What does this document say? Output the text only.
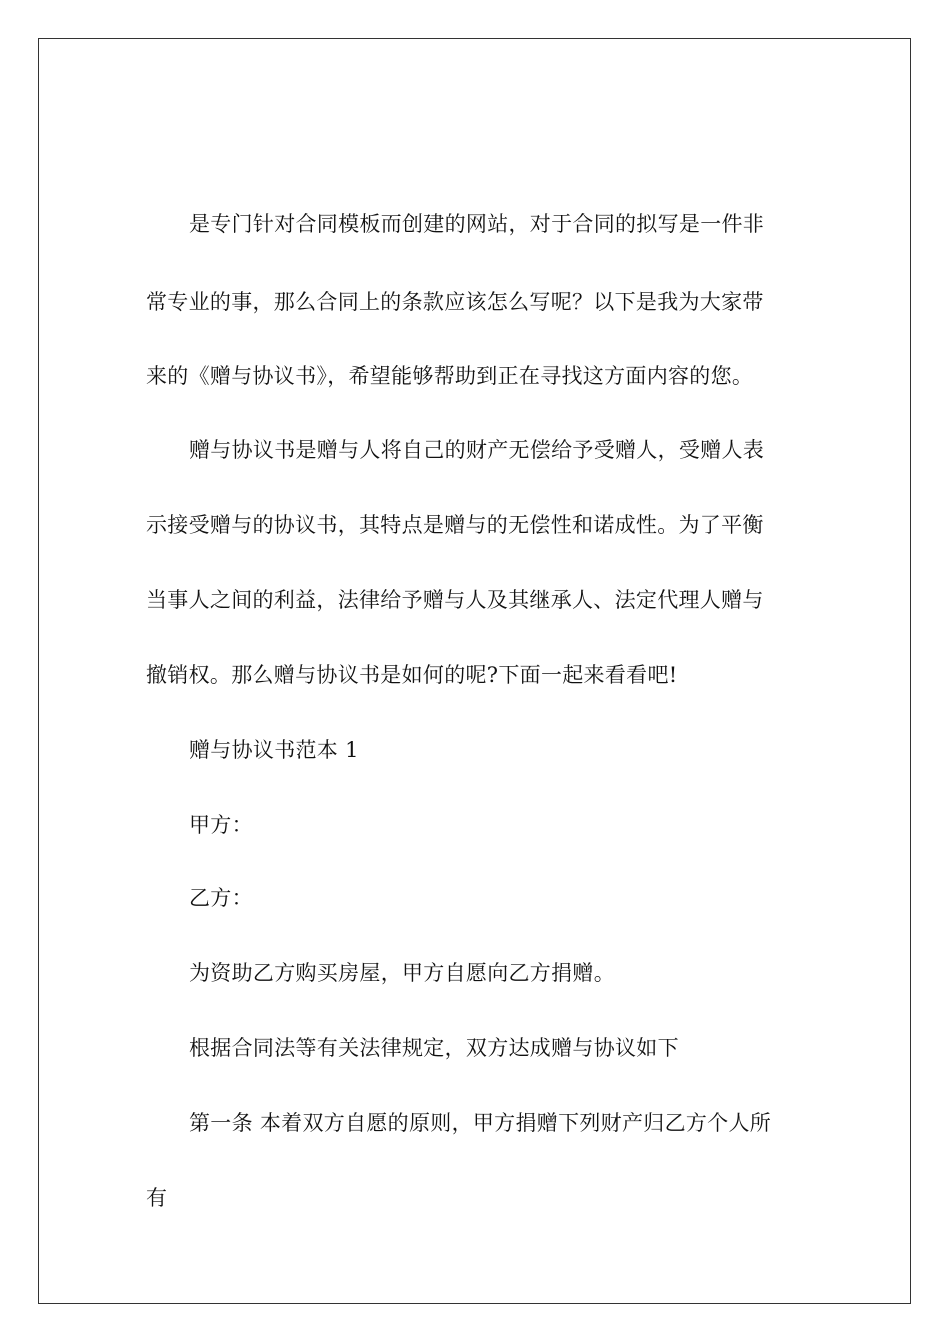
是专门针对合同模板而创建的网站，对于合同的拟写是一件非
常专业的事，那么合同上的条款应该怎么写呢？以下是我为大家带
来的《赠与协议书》，希望能够帮助到正在寻找这方面内容的您。
赠与协议书是赠与人将自己的财产无偿给予受赠人，受赠人表
示接受赠与的协议书，其特点是赠与的无偿性和诺成性。为了平衡
当事人之间的利益，法律给予赠与人及其继承人、法定代理人赠与
撤销权。那么赠与协议书是如何的呢?下面一起来看看吧!
赠与协议书范本 1
甲方：
乙方：
为资助乙方购买房屋，甲方自愿向乙方捐赠。
根据合同法等有关法律规定，双方达成赠与协议如下
第一条 本着双方自愿的原则，甲方捐赠下列财产归乙方个人所
有
